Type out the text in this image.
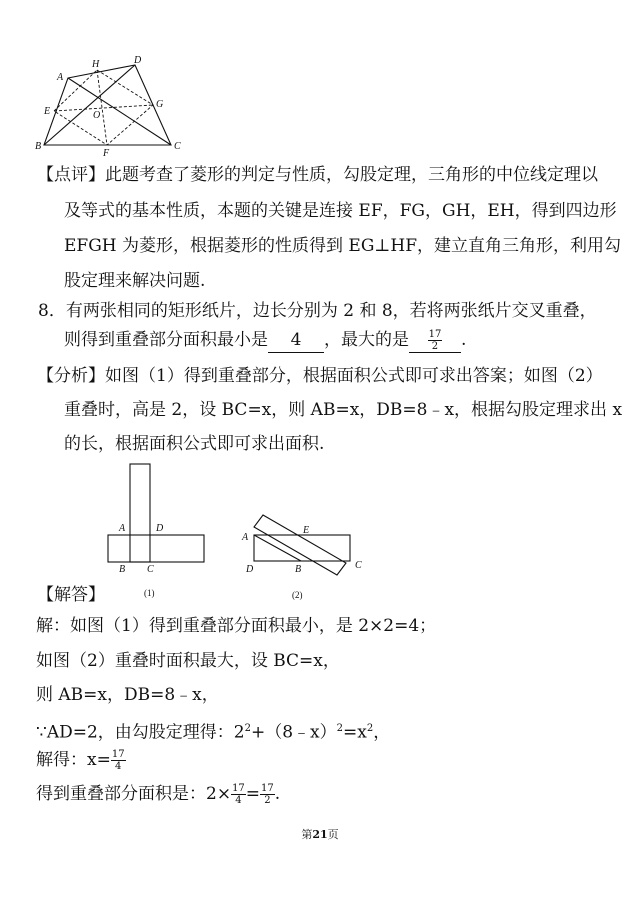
A
H	D
E
G
O
B
F
C
【点评】此题考查了菱形的判定与性质，勾股定理，三角形的中位线定理以
及等式的基本性质，本题的关键是连接 EF，FG，GH，EH，得到四边形
EFGH 为菱形，根据菱形的性质得到 EG⊥HF，建立直角三角形，利用勾
股定理来解决问题.
8．有两张相同的矩形纸片，边长分别为 2 和 8，若将两张纸片交叉重叠，
则得到重叠部分面积最小是 4 ，最大的是 $\frac{17}{2}$ .
【分析】如图（1）得到重叠部分，根据面积公式即可求出答案；如图（2）
重叠时，高是 2，设 BC=x，则 AB=x，DB=8﹣x，根据勾股定理求出 x
的长，根据面积公式即可求出面积.
A	D
B C
(1)
A
E
D	B	C
(2)
【解答】
解：如图（1）得到重叠部分面积最小，是 2×2=4；
如图（2）重叠时面积最大，设 BC=x，
则 AB=x，DB=8﹣x，
∵AD=2，由勾股定理得：$2^2+(8﹣x)^2=x^2$，
解得：$x= \frac{17}{4}$
得到重叠部分面积是：$2\times \frac{17}{4} = \frac{17}{2}$ .
第21页
